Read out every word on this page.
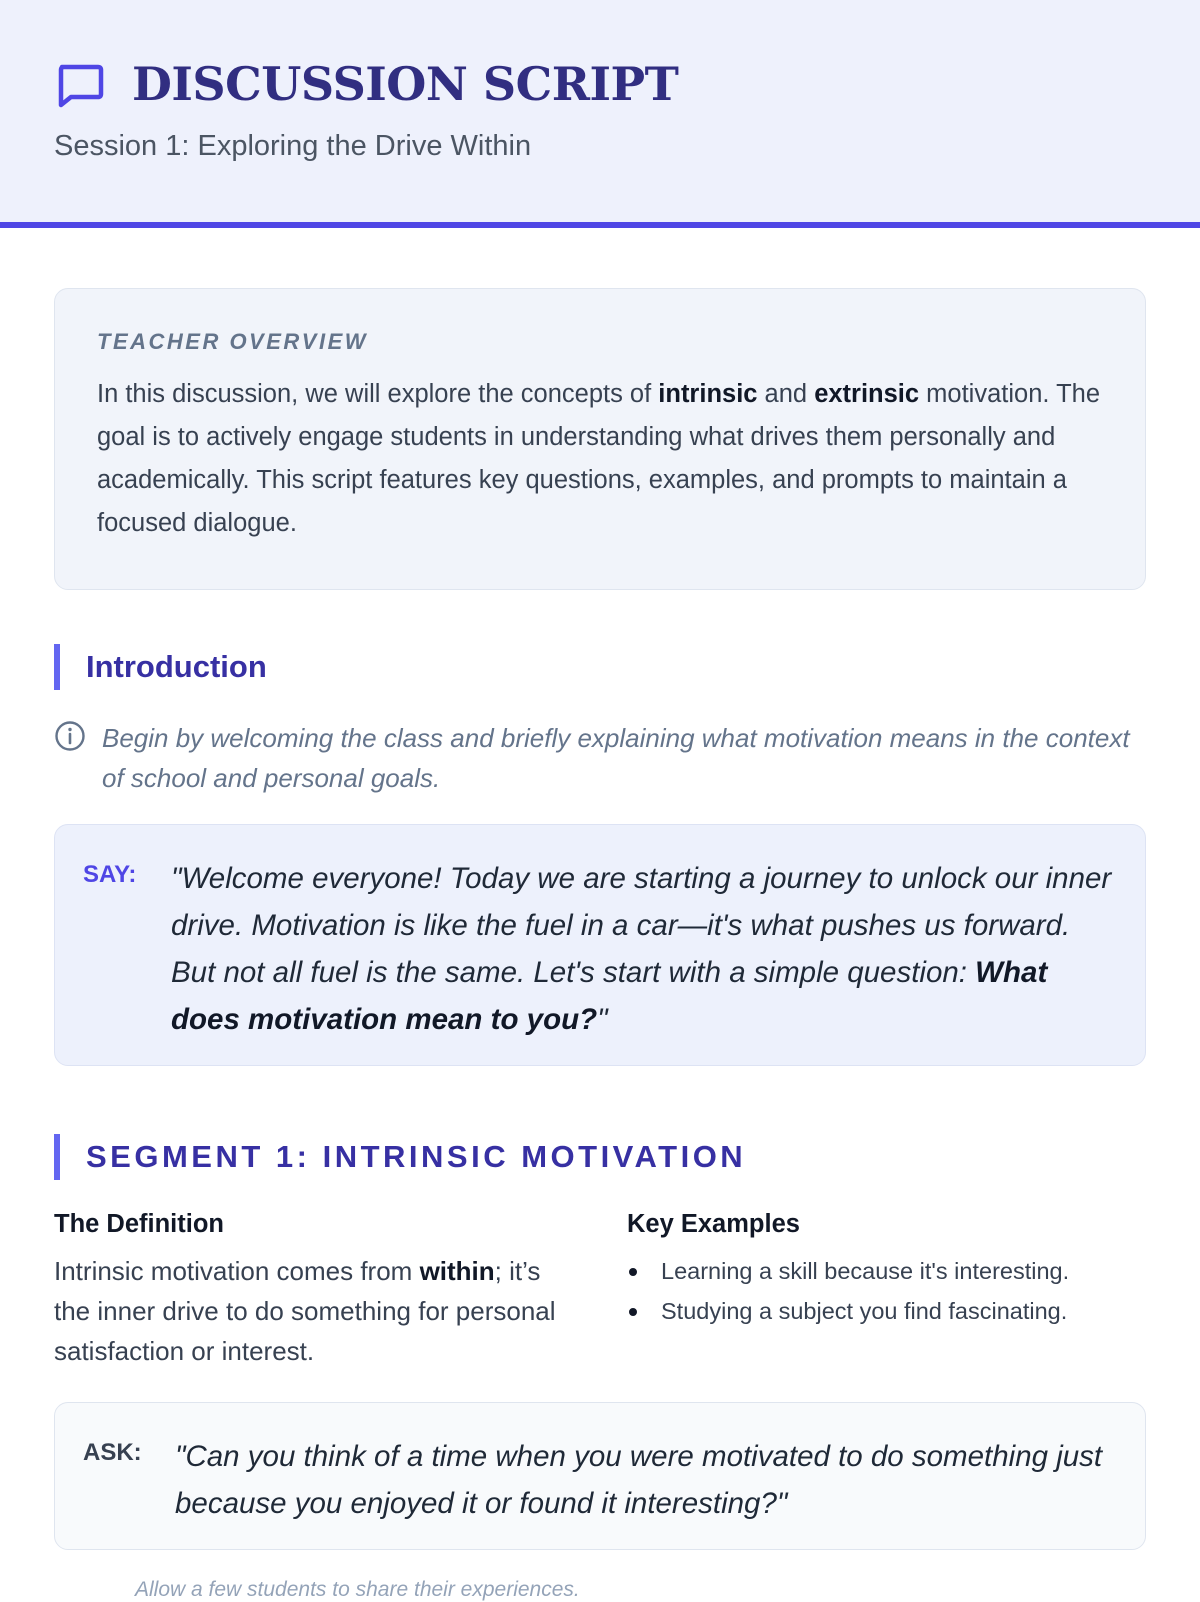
DISCUSSION SCRIPT
Session 1: Exploring the Drive Within
TEACHER OVERVIEW
In this discussion, we will explore the concepts of intrinsic and extrinsic motivation. The goal is to actively engage students in understanding what drives them personally and academically. This script features key questions, examples, and prompts to maintain a focused dialogue.
Introduction
Begin by welcoming the class and briefly explaining what motivation means in the context of school and personal goals.
SAY:	"Welcome everyone! Today we are starting a journey to unlock our inner drive. Motivation is like the fuel in a car—it's what pushes us forward. But not all fuel is the same. Let's start with a simple question: What does motivation mean to you?"
SEGMENT 1: INTRINSIC MOTIVATION
The Definition
Intrinsic motivation comes from within; it’s the inner drive to do something for personal satisfaction or interest.
Key Examples
Learning a skill because it's interesting.
Studying a subject you find fascinating.
ASK:	"Can you think of a time when you were motivated to do something just because you enjoyed it or found it interesting?"
Allow a few students to share their experiences.
